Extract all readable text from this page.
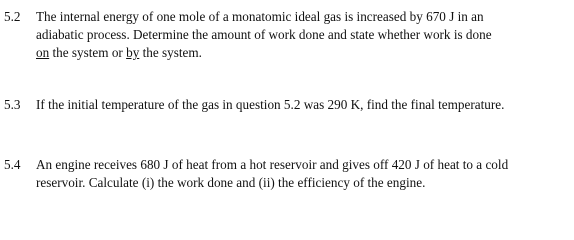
5.2 The internal energy of one mole of a monatomic ideal gas is increased by 670 J in an
adiabatic process. Determine the amount of work done and state whether work is done
on the system or by the system.
5.3 If the initial temperature of the gas in question 5.2 was 290 K, find the final temperature.
5.4 An engine receives 680 J of heat from a hot reservoir and gives off 420 J of heat to a cold
reservoir. Calculate (i) the work done and (ii) the efficiency of the engine.
